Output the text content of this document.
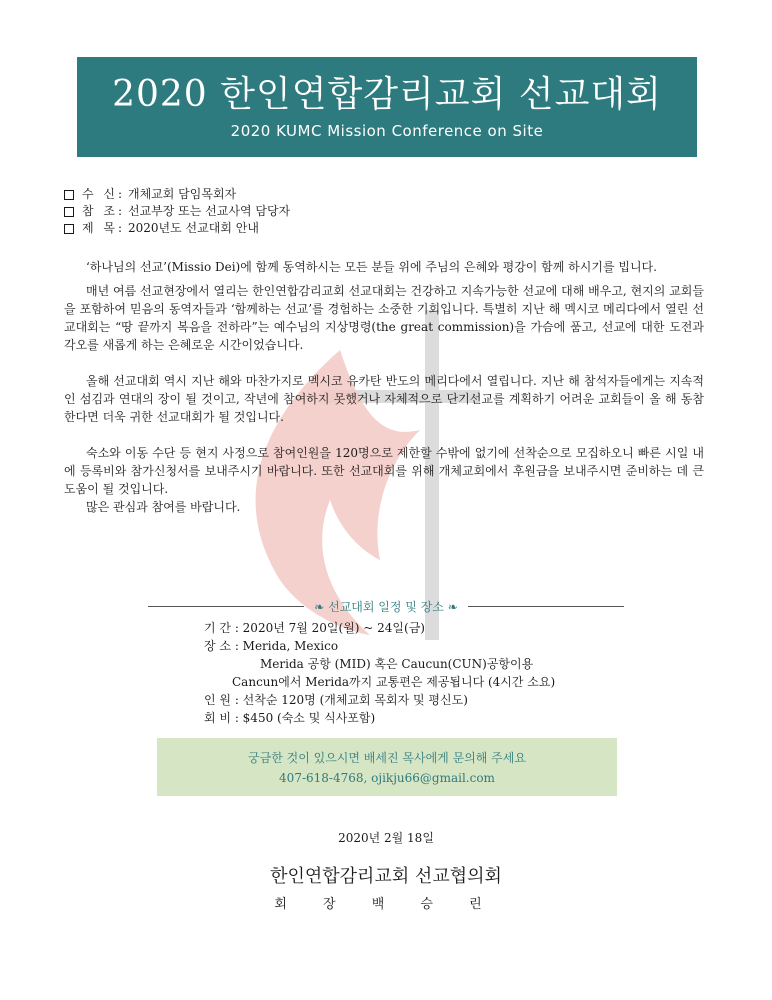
2020 한인연합감리교회 선교대회
2020 KUMC Mission Conference on Site
수 신: 개체교회 담임목회자
참 조: 선교부장 또는 선교사역 담당자
제 목: 2020년도 선교대회 안내

‘하나님의 선교’(Missio Dei)에 함께 동역하시는 모든 분들 위에 주님의 은혜와 평강이 함께 하시기를 빕니다.

매년 여름 선교현장에서 열리는 한인연합감리교회 선교대회는 건강하고 지속가능한 선교에 대해 배우고, 현지의 교회들을 포함하여 믿음의 동역자들과 ‘함께하는 선교’를 경험하는 소중한 기회입니다. 특별히 지난 해 멕시코 메리다에서 열린 선교대회는 “땅 끝까지 복음을 전하라”는 예수님의 지상명령(the great commission)을 가슴에 품고, 선교에 대한 도전과 각오를 새롭게 하는 은혜로운 시간이었습니다.

올해 선교대회 역시 지난 해와 마찬가지로 멕시코 유카탄 반도의 메리다에서 열립니다. 지난 해 참석자들에게는 지속적인 섬김과 연대의 장이 될 것이고, 작년에 참여하지 못했거나 자체적으로 단기선교를 계획하기 어려운 교회들이 올 해 동참한다면 더욱 귀한 선교대회가 될 것입니다.

숙소와 이동 수단 등 현지 사정으로 참여인원을 120명으로 제한할 수밖에 없기에 선착순으로 모집하오니 빠른 시일 내에 등록비와 참가신청서를 보내주시기 바랍니다. 또한 선교대회를 위해 개체교회에서 후원금을 보내주시면 준비하는 데 큰 도움이 될 것입니다.

많은 관심과 참여를 바랍니다.

❧ 선교대회 일정 및 장소 ❧
기 간 : 2020년 7월 20일(월) ~ 24일(금)
장 소 : Merida, Mexico
Merida 공항 (MID) 혹은 Caucun(CUN)공항이용
Cancun에서 Merida까지 교통편은 제공됩니다 (4시간 소요)
인 원 : 선착순 120명 (개체교회 목회자 및 평신도)
회 비 : $450 (숙소 및 식사포함)
궁금한 것이 있으시면 배세진 목사에게 문의해 주세요
407-618-4768, ojikju66@gmail.com
2020년 2월 18일
한인연합감리교회 선교협의회
회 장 백 승 린
